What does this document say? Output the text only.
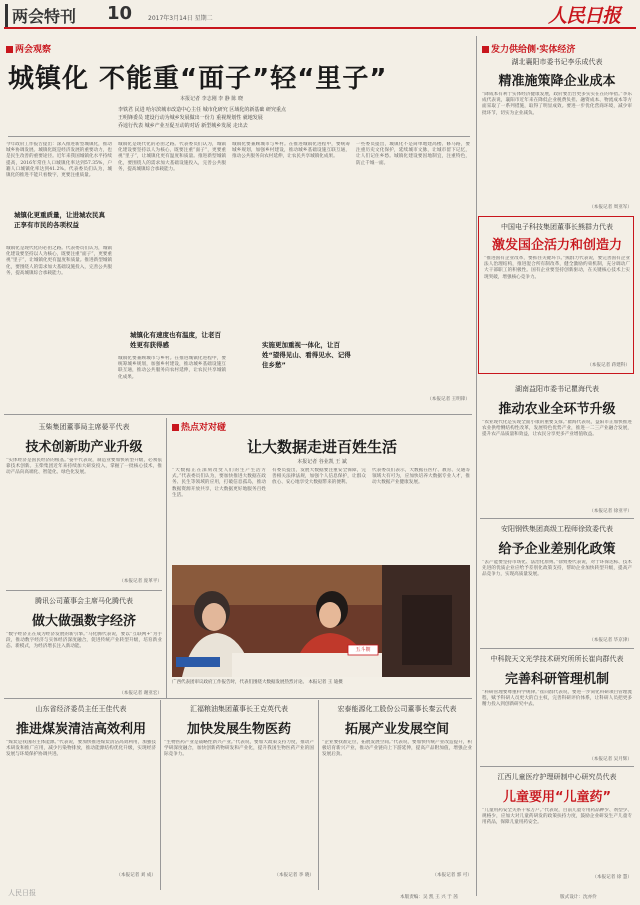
两会特刊 10	2017年3月14日 星期二	人民日报
两会观察
城镇化 不能重“面子”轻“里子”
本报记者 李志刚 李 静 陈 晓
李铁君 民进 哈尔滨城市改造中心主任 城市化研究 区域化的新基础 研究重点
王明锋委员 建设行动为城乡发展做出一份力 重视规划性 就地发展
乔逵行代表 城乡产业互促互动的对话 新型城乡发展 走出去
今年政府工作报告提出：深入推进新型城镇化，推动城乡协调发展。城镇化既是经济发展的重要动力，也是民生改善的重要途径。近年来我国城镇化水平持续提高，2016年常住人口城镇化率达到57.35%，户籍人口城镇化率达到41.2%。代表委员们认为，城镇化的推进不能只看数字，更要注重质量。
城镇化更重质量，让进城农民真正享有市民的各项权益
城镇化是现代化的必由之路。代表委员们认为，城镇化建设要坚持以人为核心，既要注重“面子”，更要重视“里子”，让城镇化更有温度和质量。推进新型城镇化，要围绕人的需求加大基础设施投入，完善公共服务，提高城镇综合承载能力。
城镇化是现代化的必由之路。代表委员们认为，城镇化建设要坚持以人为核心，既要注重“面子”，更要重视“里子”，让城镇化更有温度和质量。推进新型城镇化，要围绕人的需求加大基础设施投入，完善公共服务，提高城镇综合承载能力。
城镇化有速度也有温度，让老百姓更有获得感
城镇化要兼顾城市与乡村。在推进城镇化进程中，要统筹城乡规划，加强乡村建设，推动城乡基础设施互联互通，推动公共服务向农村延伸，让农民共享城镇化成果。
城镇化要兼顾城市与乡村。在推进城镇化进程中，要统筹城乡规划，加强乡村建设，推动城乡基础设施互联互通，推动公共服务向农村延伸，让农民共享城镇化成果。
一些委员提出，城镇化不是简单地建高楼、修马路，要注重历史文化保护，延续城市文脉，让城市留下记忆，让人们记住乡愁。城镇化建设要因地制宜，注重特色，防止千城一面。
实施更加重视一体化，让百姓“望得见山、看得见水、记得住乡愁”
（本报记者 王明锋）
发力供给侧·实体经济
湖北襄阳市委书记李乐成代表
精准施策降企业成本
“降成本有利于实体经济健康发展，政府要出台更多实实在在的举措。”李乐成代表说，襄阳市近年来在降低企业税费负担、融资成本、物流成本等方面采取了一系列措施，取得了明显成效。要进一步优化营商环境，减少审批环节，切实为企业减负。
（本报记者 周亚军）
中国电子科技集团董事长熊群力代表
激发国企活力和创造力
“推进国有企业改革，要抓住关键环节。”熊群力代表说，要完善国有企业法人治理结构，推进混合所有制改革，健全激励约束机制，充分调动广大干部职工的积极性。国有企业要坚持创新驱动，在关键核心技术上实现突破，增强核心竞争力。
（本报记者 蒋建科）
湖南益阳市委书记瞿海代表
推动农业全环节升级
“农业现代化是实现全面小康的重要支撑。”瞿海代表说，益阳市正加快推进农业供给侧结构性改革，发展特色优势产业，推进一二三产业融合发展，提升农产品质量和效益，让农民分享更多产业增值收益。
（本报记者 徐亚平）
安阳钢铁集团高级工程师徐致委代表
给予企业差别化政策
“去产能要坚持市场化、法治化原则。”徐致委代表说，对于环保达标、技术先进的优质企业应给予差别化政策支持，帮助企业加快转型升级，提高产品竞争力，实现高质量发展。
（本报记者 毕京津）
中科院天文光学技术研究所所长崔向群代表
完善科研管理机制
“科研管理要尊重科学规律。”崔向群代表说，要进一步简化科研项目管理流程，赋予科研人员更大的自主权，完善科研评价体系，让科研人员把更多精力投入到创新研究中去。
（本报记者 吴月辉）
江西儿童医疗护理研制中心研究员代表
儿童要用“儿童药”
“儿童用药安全关系千家万户。”代表说，目前儿童专用药品种少、剂型少、规格少，应加大对儿童药研发的政策扶持力度，鼓励企业研发生产儿童专用药品，保障儿童用药安全。
（本报记者 徐 慧）
玉柴集团董事局主席晏平代表
技术创新助产业升级
“实体经济是国民经济的根基。”晏平代表说，制造业要加快转型升级，必须依靠技术创新。玉柴集团近年来持续加大研发投入，掌握了一批核心技术，推动产品向高端化、智能化、绿色化发展。
（本报记者 庞革平）
腾讯公司董事会主席马化腾代表
做大做强数字经济
“数字经济正在成为经济发展的新引擎。”马化腾代表说，要以“互联网+”为手段，推动数字经济与实体经济深度融合，促进传统产业转型升级，培育新业态、新模式，为经济增长注入新动能。
（本报记者 谢亚宏）
热点对对碰
让大数据走进百姓生活
本报记者 谷业凯 王 斌
“大数据正在深刻改变人们的生产生活方式。”代表委员们认为，要加快推进大数据在政务、民生等领域的应用，打破信息孤岛，推动数据资源开放共享，让大数据更好地服务百姓生活。
有委员提出，发展大数据要注重安全保障，完善相关法律法规，加强个人信息保护，让群众放心、安心地享受大数据带来的便利。
代表委员们表示，大数据在医疗、教育、交通等领域大有可为，应加快培养大数据专业人才，推动大数据产业健康发展。
五斗朝
广西代表团审议政府工作报告时，代表们围绕大数据发展热烈讨论。 本报记者 王 迪摄
山东省经济委员主任王佳代表
推进煤炭清洁高效利用
“煤炭是我国的主体能源。”代表说，要加快推进煤炭清洁高效利用，加强技术研发和推广应用，减少污染物排放，推动能源结构优化升级，实现经济发展与环境保护协调共进。
（本报记者 刘 成）
汇福粮油集团董事长王克英代表
加快发展生物医药
“生物医药产业是战略性新兴产业。”代表说，要加大政策支持力度，推动产学研深度融合，加快创新药物研发和产业化，提升我国生物医药产业的国际竞争力。
（本报记者 李 晓）
宏泰能源化工股份公司董事长秦云代表
拓展产业发展空间
“企业要找准定位，拓展发展空间。”代表说，要加快传统产业改造提升，积极培育新兴产业，推动产业链向上下游延伸，提高产品附加值，增强企业发展后劲。
（本报记者 郭 可）
人民日报
本版责编：吴 凯 王 兴 于 茜	版式设计：沈亦伶
